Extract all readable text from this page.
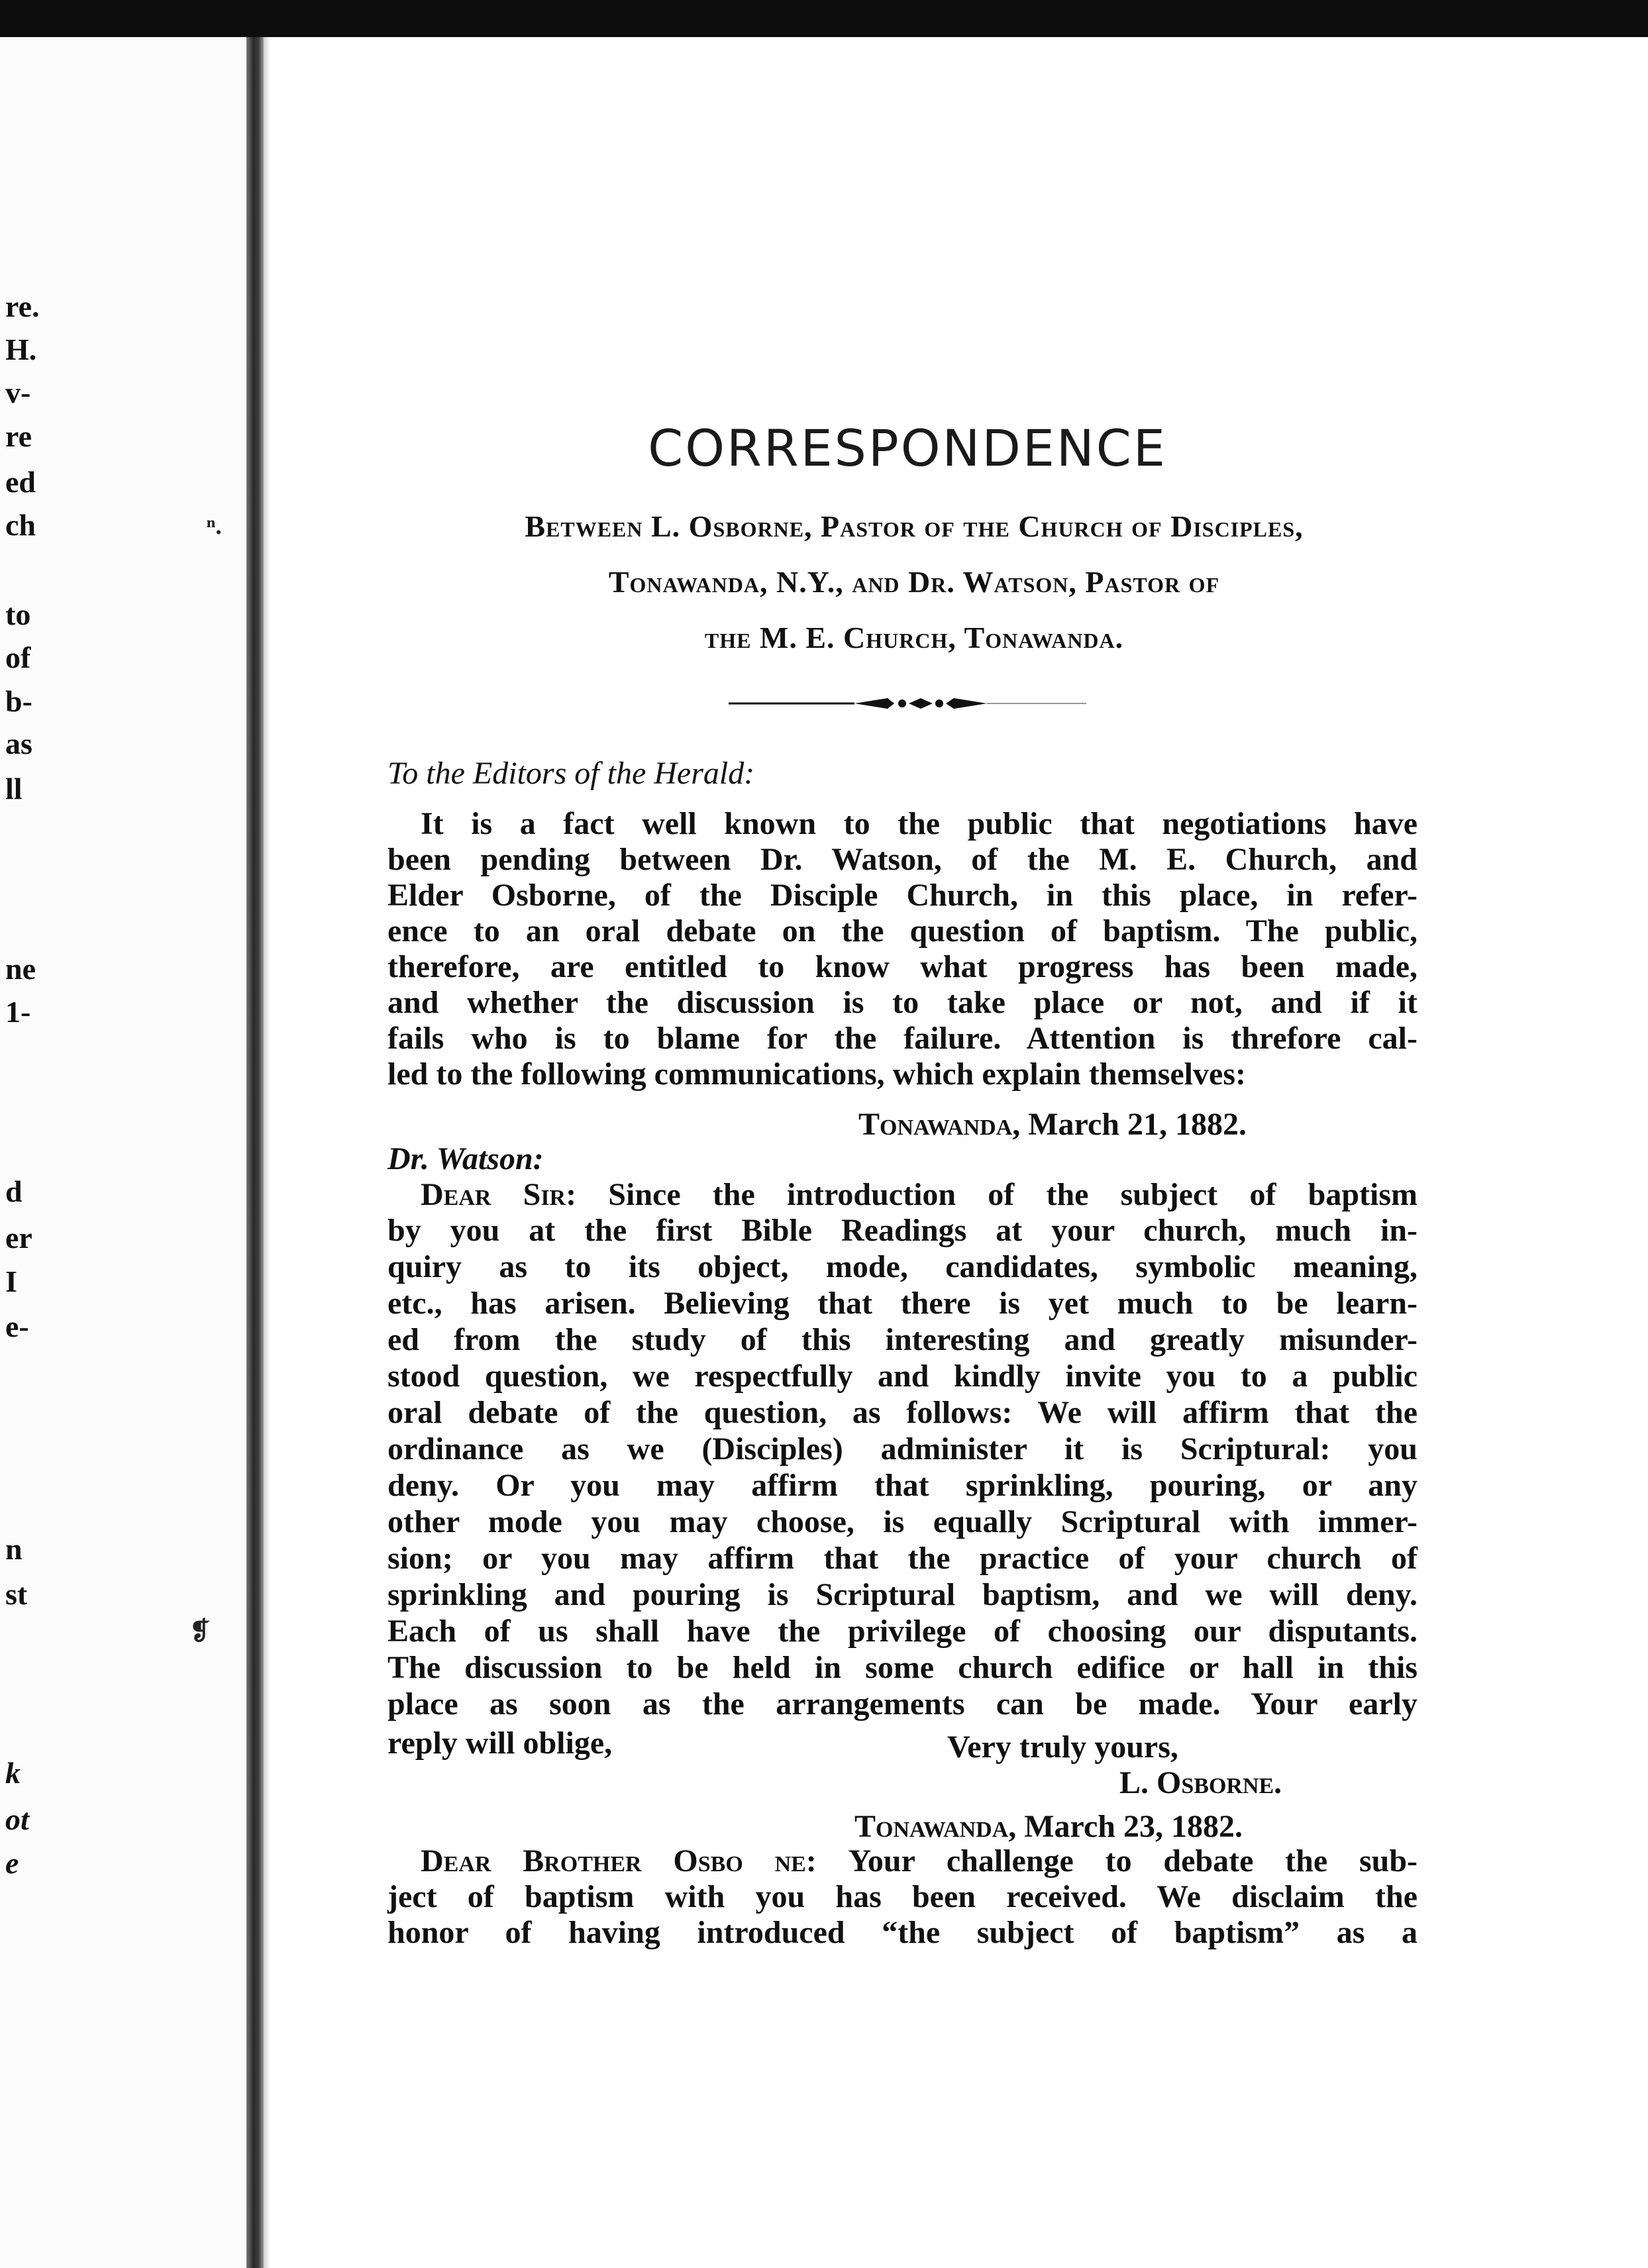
re.
H.
v-
re
ed
ch
to
of
b-
as
ll
ne
1-
d
er
I
e-
n
st
k
ot
e
ⁿ.
❡
CORRESPONDENCE
Between L. Osborne, Pastor of the Church of Disciples,
Tonawanda, N.Y., and Dr. Watson, Pastor of
the M. E. Church, Tonawanda.
To the Editors of the Herald:
It is a fact well known to the public that negotiations have
been pending between Dr. Watson, of the M. E. Church, and
Elder Osborne, of the Disciple Church, in this place, in refer-
ence to an oral debate on the question of baptism. The public,
therefore, are entitled to know what progress has been made,
and whether the discussion is to take place or not, and if it
fails who is to blame for the failure. Attention is threfore cal-
led to the following communications, which explain themselves:
Tonawanda, March 21, 1882.
Dr. Watson:
Dear Sir: Since the introduction of the subject of baptism
by you at the first Bible Readings at your church, much in-
quiry as to its object, mode, candidates, symbolic meaning,
etc., has arisen. Believing that there is yet much to be learn-
ed from the study of this interesting and greatly misunder-
stood question, we respectfully and kindly invite you to a public
oral debate of the question, as follows: We will affirm that the
ordinance as we (Disciples) administer it is Scriptural: you
deny. Or you may affirm that sprinkling, pouring, or any
other mode you may choose, is equally Scriptural with immer-
sion; or you may affirm that the practice of your church of
sprinkling and pouring is Scriptural baptism, and we will deny.
Each of us shall have the privilege of choosing our disputants.
The discussion to be held in some church edifice or hall in this
place as soon as the arrangements can be made. Your early
reply will oblige,	Very truly yours,
L. Osborne.
Tonawanda, March 23, 1882.
Dear Brother Osbo ne: Your challenge to debate the sub-
ject of baptism with you has been received. We disclaim the
honor of having introduced “the subject of baptism” as a
